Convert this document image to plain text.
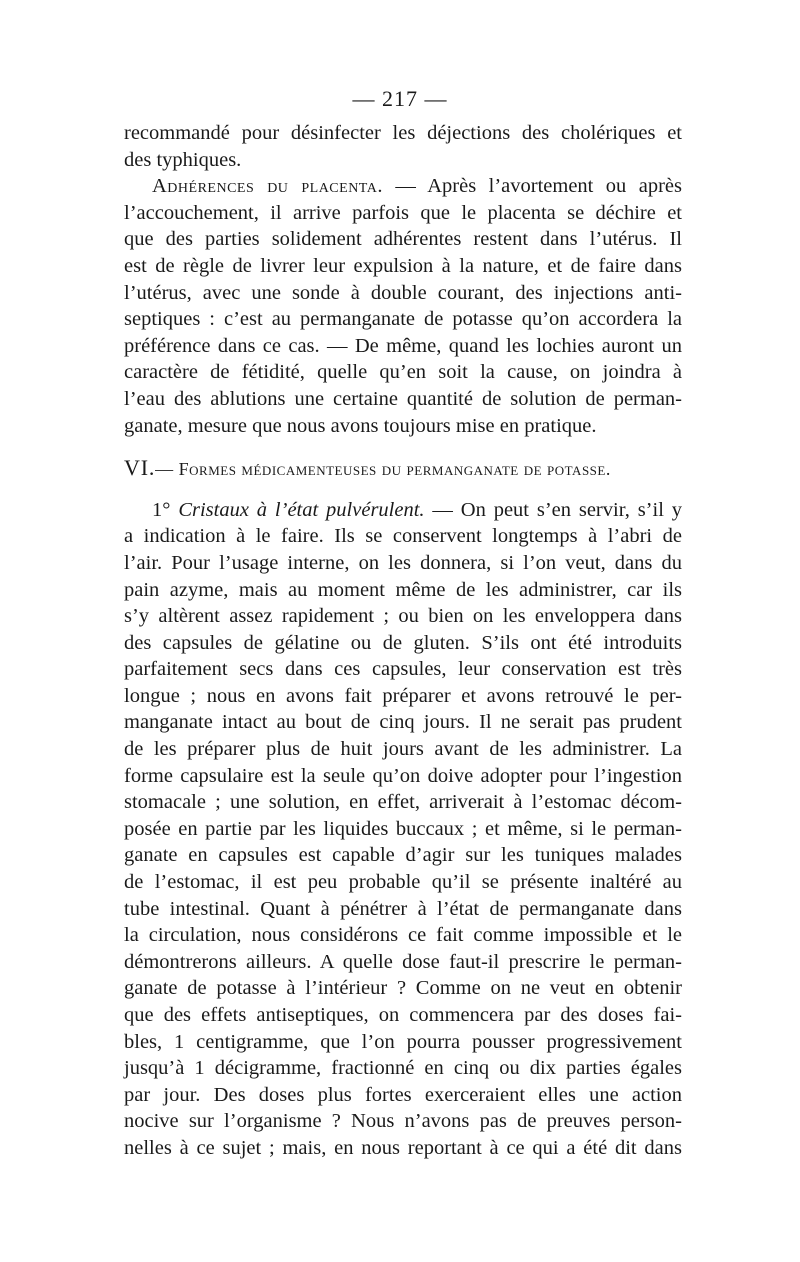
— 217 —

recommandé pour désinfecter les déjections des cholériques et
des typhiques.

Adhérences du placenta. — Après l’avortement ou après
l’accouchement, il arrive parfois que le placenta se déchire et
que des parties solidement adhérentes restent dans l’utérus. Il
est de règle de livrer leur expulsion à la nature, et de faire dans
l’utérus, avec une sonde à double courant, des injections anti-
septiques : c’est au permanganate de potasse qu’on accordera la
préférence dans ce cas. — De même, quand les lochies auront un
caractère de fétidité, quelle qu’en soit la cause, on joindra à
l’eau des ablutions une certaine quantité de solution de perman-
ganate, mesure que nous avons toujours mise en pratique.

VI.— Formes médicamenteuses du permanganate de potasse.

1° Cristaux à l’état pulvérulent. — On peut s’en servir, s’il y
a indication à le faire. Ils se conservent longtemps à l’abri de
l’air. Pour l’usage interne, on les donnera, si l’on veut, dans du
pain azyme, mais au moment même de les administrer, car ils
s’y altèrent assez rapidement ; ou bien on les enveloppera dans
des capsules de gélatine ou de gluten. S’ils ont été introduits
parfaitement secs dans ces capsules, leur conservation est très
longue ; nous en avons fait préparer et avons retrouvé le per-
manganate intact au bout de cinq jours. Il ne serait pas prudent
de les préparer plus de huit jours avant de les administrer. La
forme capsulaire est la seule qu’on doive adopter pour l’ingestion
stomacale ; une solution, en effet, arriverait à l’estomac décom-
posée en partie par les liquides buccaux ; et même, si le perman-
ganate en capsules est capable d’agir sur les tuniques malades
de l’estomac, il est peu probable qu’il se présente inaltéré au
tube intestinal. Quant à pénétrer à l’état de permanganate dans
la circulation, nous considérons ce fait comme impossible et le
démontrerons ailleurs. A quelle dose faut-il prescrire le perman-
ganate de potasse à l’intérieur ? Comme on ne veut en obtenir
que des effets antiseptiques, on commencera par des doses fai-
bles, 1 centigramme, que l’on pourra pousser progressivement
jusqu’à 1 décigramme, fractionné en cinq ou dix parties égales
par jour. Des doses plus fortes exerceraient elles une action
nocive sur l’organisme ? Nous n’avons pas de preuves person-
nelles à ce sujet ; mais, en nous reportant à ce qui a été dit dans
